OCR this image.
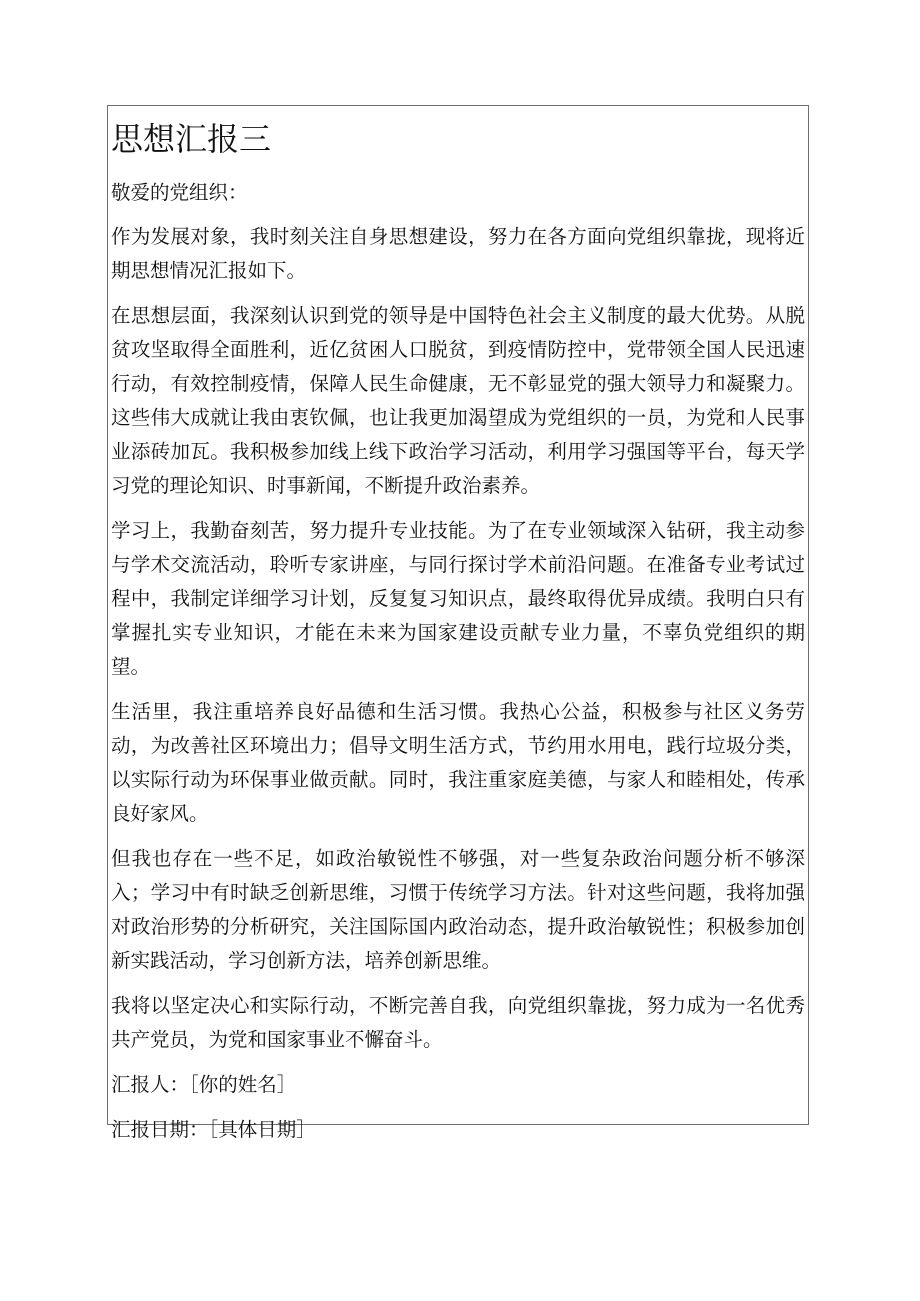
思想汇报三

敬爱的党组织：

作为发展对象，我时刻关注自身思想建设，努力在各方面向党组织靠拢，现将近期思想情况汇报如下。

在思想层面，我深刻认识到党的领导是中国特色社会主义制度的最大优势。从脱贫攻坚取得全面胜利，近亿贫困人口脱贫，到疫情防控中，党带领全国人民迅速行动，有效控制疫情，保障人民生命健康，无不彰显党的强大领导力和凝聚力。这些伟大成就让我由衷钦佩，也让我更加渴望成为党组织的一员，为党和人民事业添砖加瓦。我积极参加线上线下政治学习活动，利用学习强国等平台，每天学习党的理论知识、时事新闻，不断提升政治素养。

学习上，我勤奋刻苦，努力提升专业技能。为了在专业领域深入钻研，我主动参与学术交流活动，聆听专家讲座，与同行探讨学术前沿问题。在准备专业考试过程中，我制定详细学习计划，反复复习知识点，最终取得优异成绩。我明白只有掌握扎实专业知识，才能在未来为国家建设贡献专业力量，不辜负党组织的期望。

生活里，我注重培养良好品德和生活习惯。我热心公益，积极参与社区义务劳动，为改善社区环境出力；倡导文明生活方式，节约用水用电，践行垃圾分类，以实际行动为环保事业做贡献。同时，我注重家庭美德，与家人和睦相处，传承良好家风。

但我也存在一些不足，如政治敏锐性不够强，对一些复杂政治问题分析不够深入；学习中有时缺乏创新思维，习惯于传统学习方法。针对这些问题，我将加强对政治形势的分析研究，关注国际国内政治动态，提升政治敏锐性；积极参加创新实践活动，学习创新方法，培养创新思维。

我将以坚定决心和实际行动，不断完善自我，向党组织靠拢，努力成为一名优秀共产党员，为党和国家事业不懈奋斗。

汇报人：［你的姓名］
汇报日期：［具体日期］
